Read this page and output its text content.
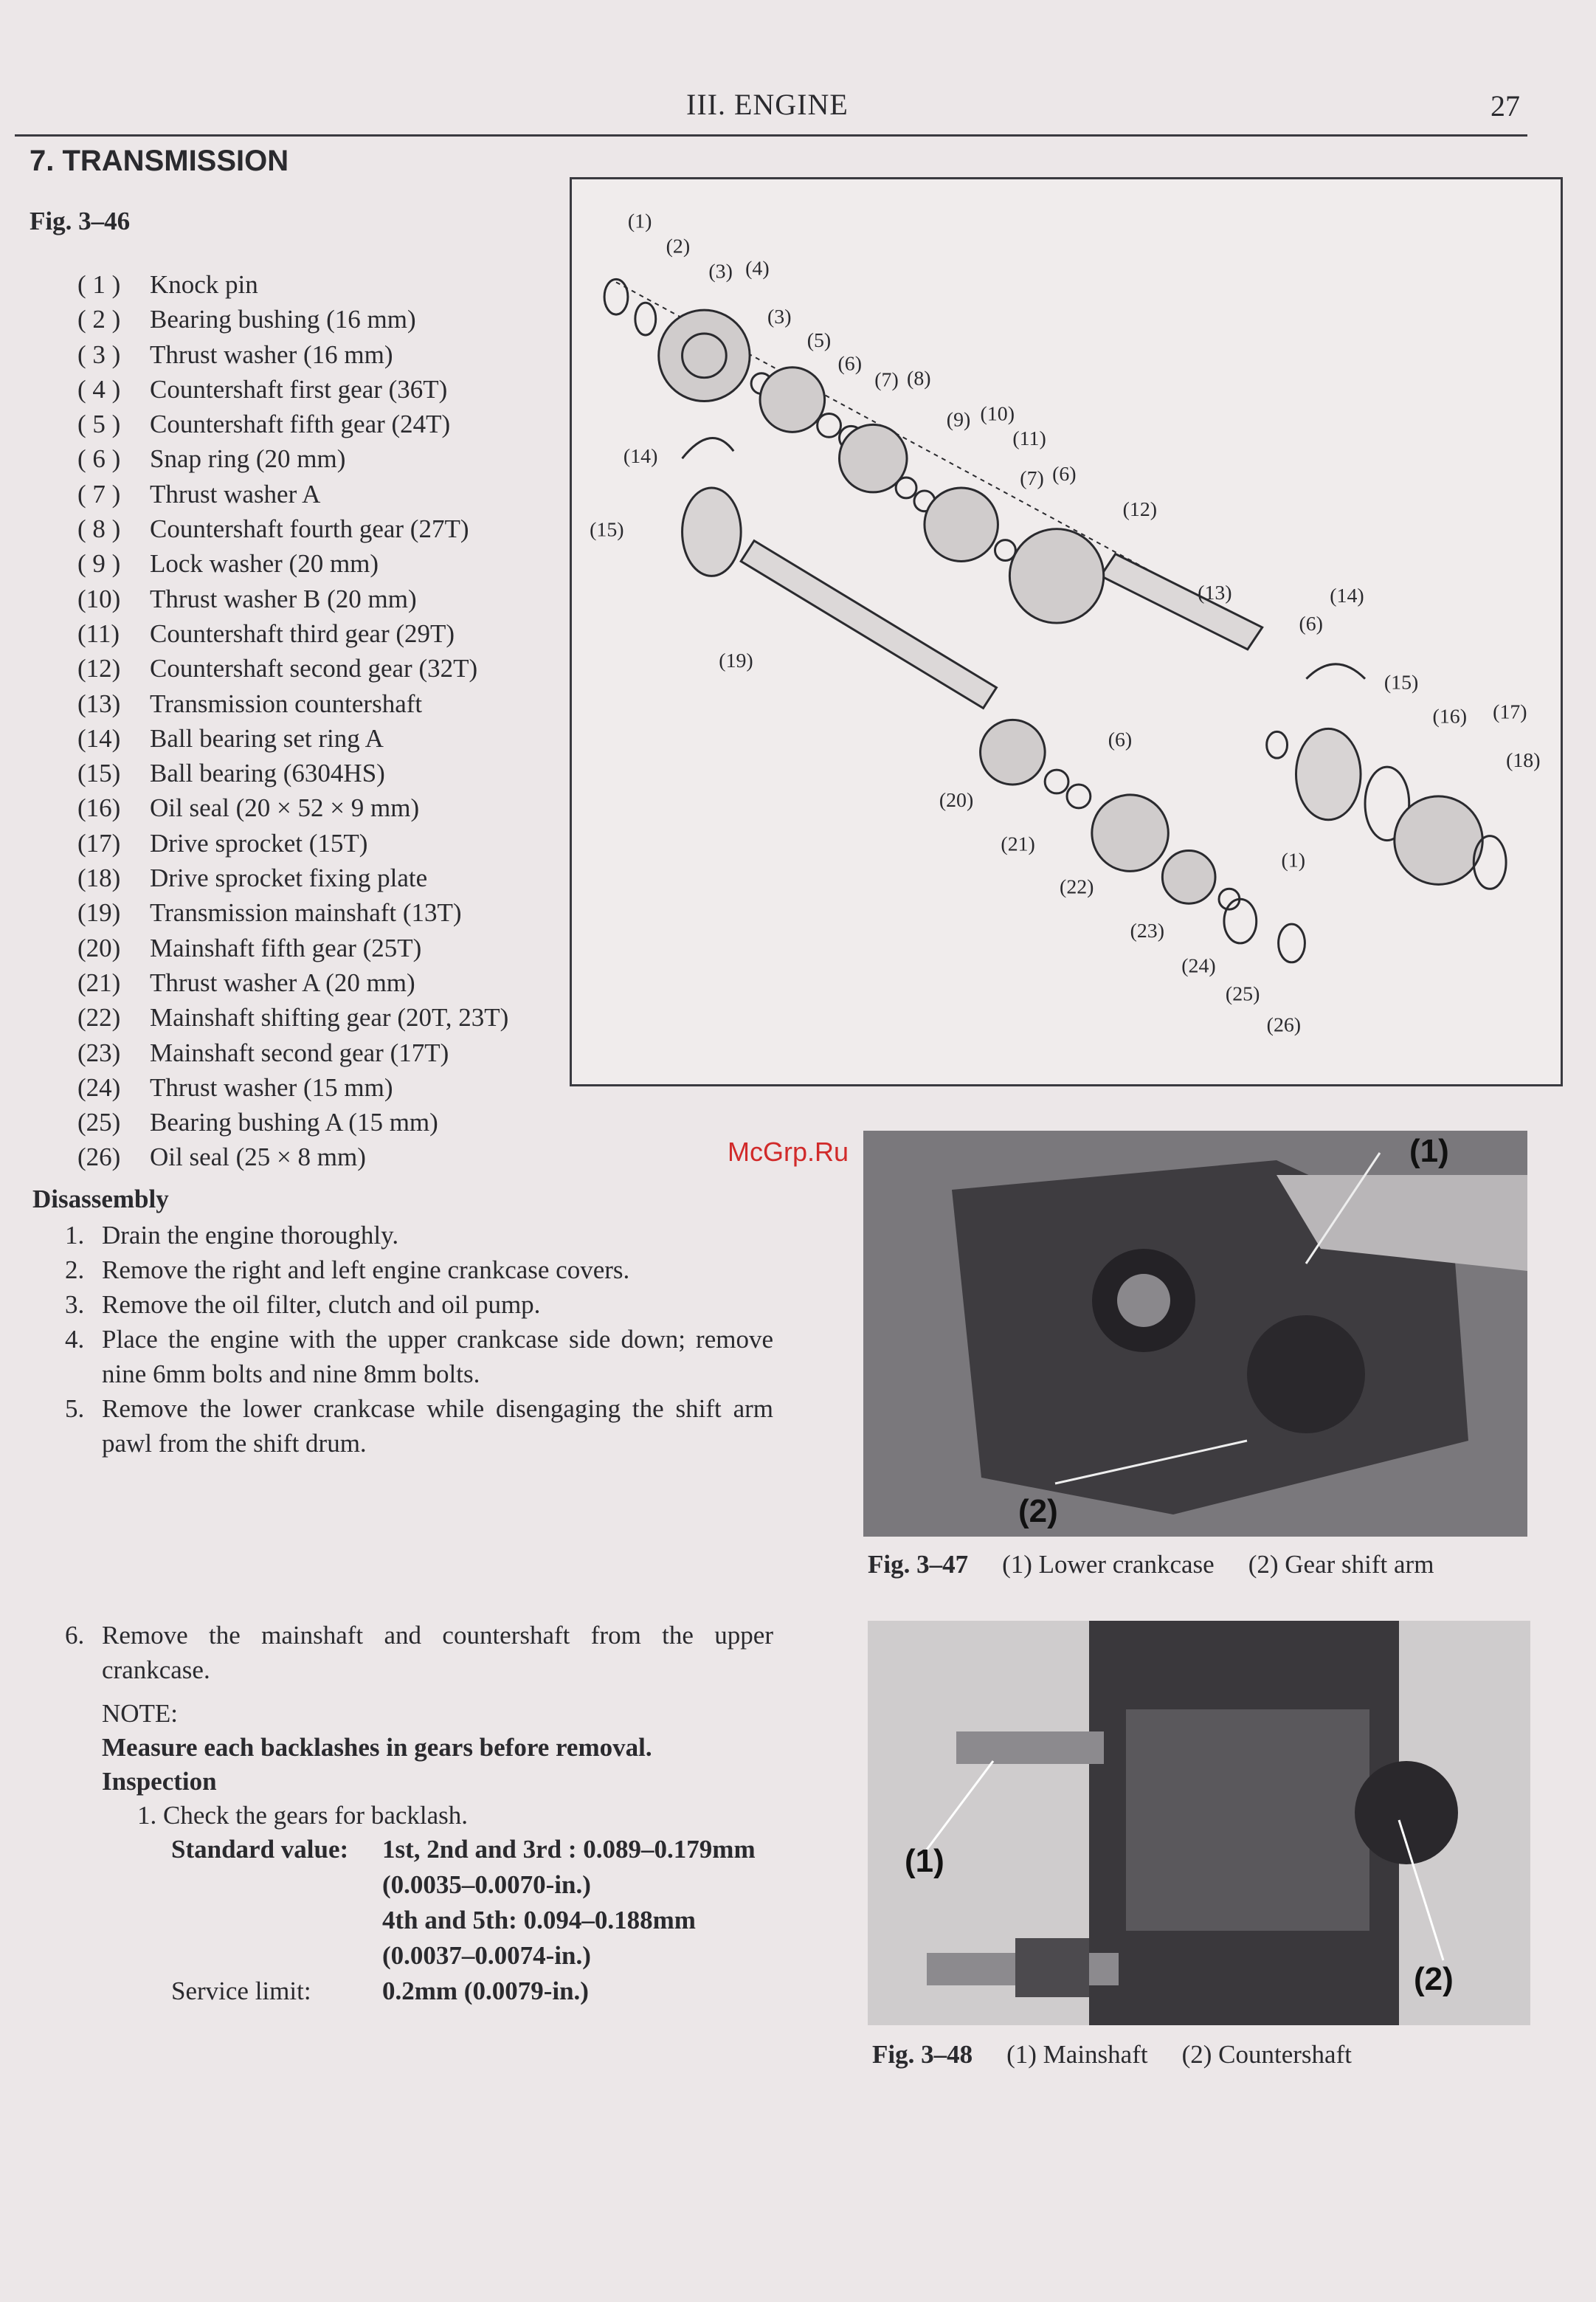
III. ENGINE	27
7. TRANSMISSION
Fig. 3–46
( 1 )	Knock pin
( 2 )	Bearing bushing (16 mm)
( 3 )	Thrust washer (16 mm)
( 4 )	Countershaft first gear (36T)
( 5 )	Countershaft fifth gear (24T)
( 6 )	Snap ring (20 mm)
( 7 )	Thrust washer A
( 8 )	Countershaft fourth gear (27T)
( 9 )	Lock washer (20 mm)
(10)	Thrust washer B (20 mm)
(11)	Countershaft third gear (29T)
(12)	Countershaft second gear (32T)
(13)	Transmission countershaft
(14)	Ball bearing set ring A
(15)	Ball bearing (6304HS)
(16)	Oil seal (20 × 52 × 9 mm)
(17)	Drive sprocket (15T)
(18)	Drive sprocket fixing plate
(19)	Transmission mainshaft (13T)
(20)	Mainshaft fifth gear (25T)
(21)	Thrust washer A (20 mm)
(22)	Mainshaft shifting gear (20T, 23T)
(23)	Mainshaft second gear (17T)
(24)	Thrust washer (15 mm)
(25)	Bearing bushing A (15 mm)
(26)	Oil seal (25 × 8 mm)
(1)
(2)
(3) (4)
(3)
(5)
(6)
(7) (8)
(9) (10)
(11)
(7) (6)
(12)
(14)
(15)
(13)
(19)
(14)
(6)
(15)
(16) (17)
(18)
(6)
(20)
(21)
(22)
(1)
(23)
(24)
(25)
(26)
Disassembly
1. Drain the engine thoroughly.
2. Remove the right and left engine crankcase covers.
3. Remove the oil filter, clutch and oil pump.
4. Place the engine with the upper crankcase side down; remove nine 6mm bolts and nine 8mm bolts.
5. Remove the lower crankcase while disengaging the shift arm pawl from the shift drum.
McGrp.Ru	(1)
(2)
Fig. 3–47 (1) Lower crankcase (2) Gear shift arm
6. Remove the mainshaft and countershaft from the upper crankcase.
NOTE:
Measure each backlashes in gears before removal.
Inspection
1. Check the gears for backlash.
Standard value: 1st, 2nd and 3rd : 0.089–0.179mm
(0.0035–0.0070-in.)
4th and 5th: 0.094–0.188mm
(0.0037–0.0074-in.)
Service limit:	0.2mm (0.0079-in.)
(1)
(2)
Fig. 3–48 (1) Mainshaft (2) Countershaft
